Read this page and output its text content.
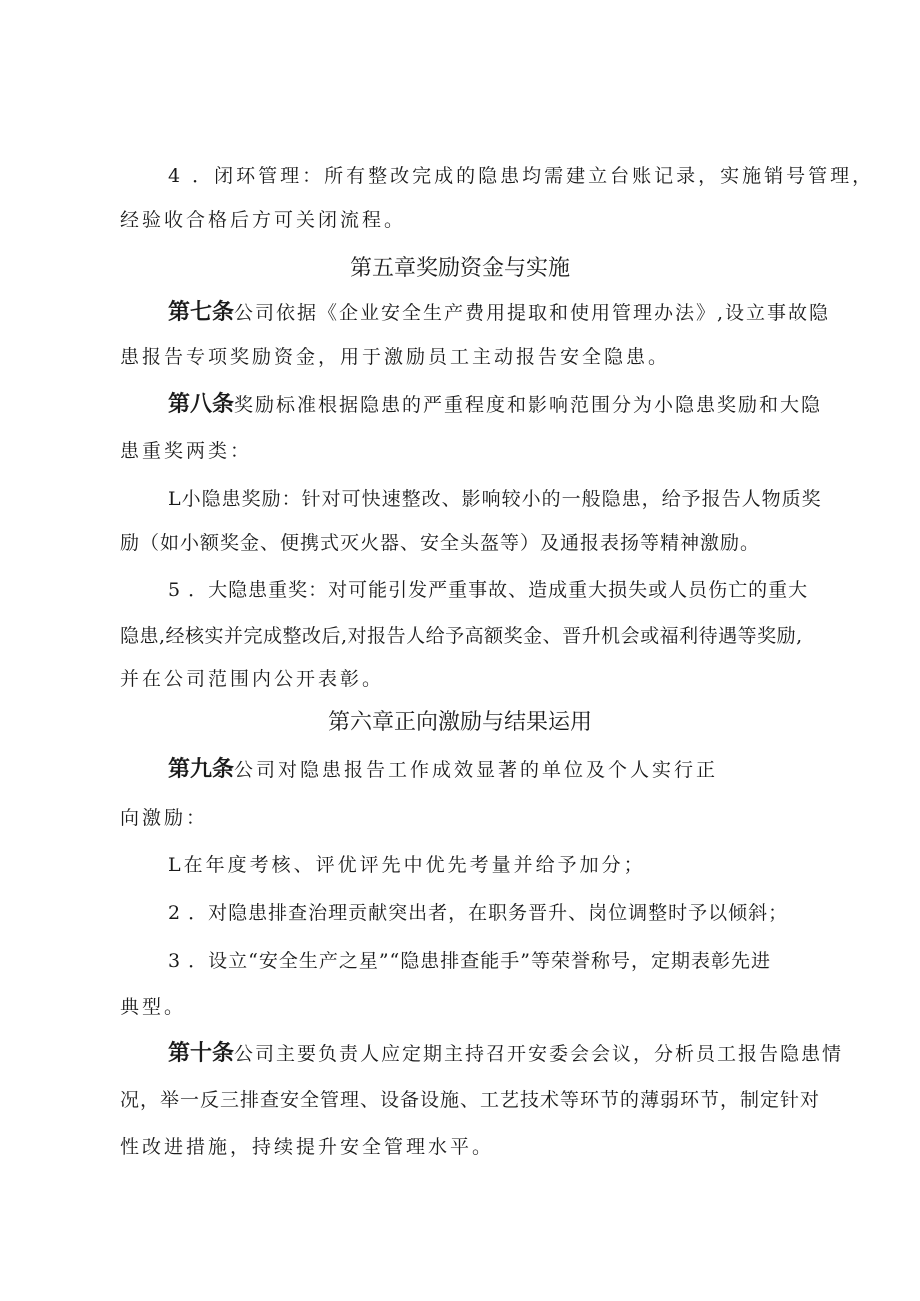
4 ．闭环管理：所有整改完成的隐患均需建立台账记录，实施销号管理，
经验收合格后方可关闭流程。
第五章奖励资金与实施
第七条公司依据《企业安全生产费用提取和使用管理办法》,设立事故隐
患报告专项奖励资金，用于激励员工主动报告安全隐患。
第八条奖励标准根据隐患的严重程度和影响范围分为小隐患奖励和大隐
患重奖两类：
L小隐患奖励：针对可快速整改、影响较小的一般隐患，给予报告人物质奖
励（如小额奖金、便携式灭火器、安全头盔等）及通报表扬等精神激励。
5 ．大隐患重奖：对可能引发严重事故、造成重大损失或人员伤亡的重大
隐患,经核实并完成整改后,对报告人给予高额奖金、晋升机会或福利待遇等奖励,
并在公司范围内公开表彰。
第六章正向激励与结果运用
第九条公司对隐患报告工作成效显著的单位及个人实行正
向激励：
L在年度考核、评优评先中优先考量并给予加分；
2 ．对隐患排查治理贡献突出者，在职务晋升、岗位调整时予以倾斜；
3 ．设立“安全生产之星”“隐患排查能手”等荣誉称号，定期表彰先进
典型。
第十条公司主要负责人应定期主持召开安委会会议，分析员工报告隐患情
况，举一反三排查安全管理、设备设施、工艺技术等环节的薄弱环节，制定针对
性改进措施，持续提升安全管理水平。
